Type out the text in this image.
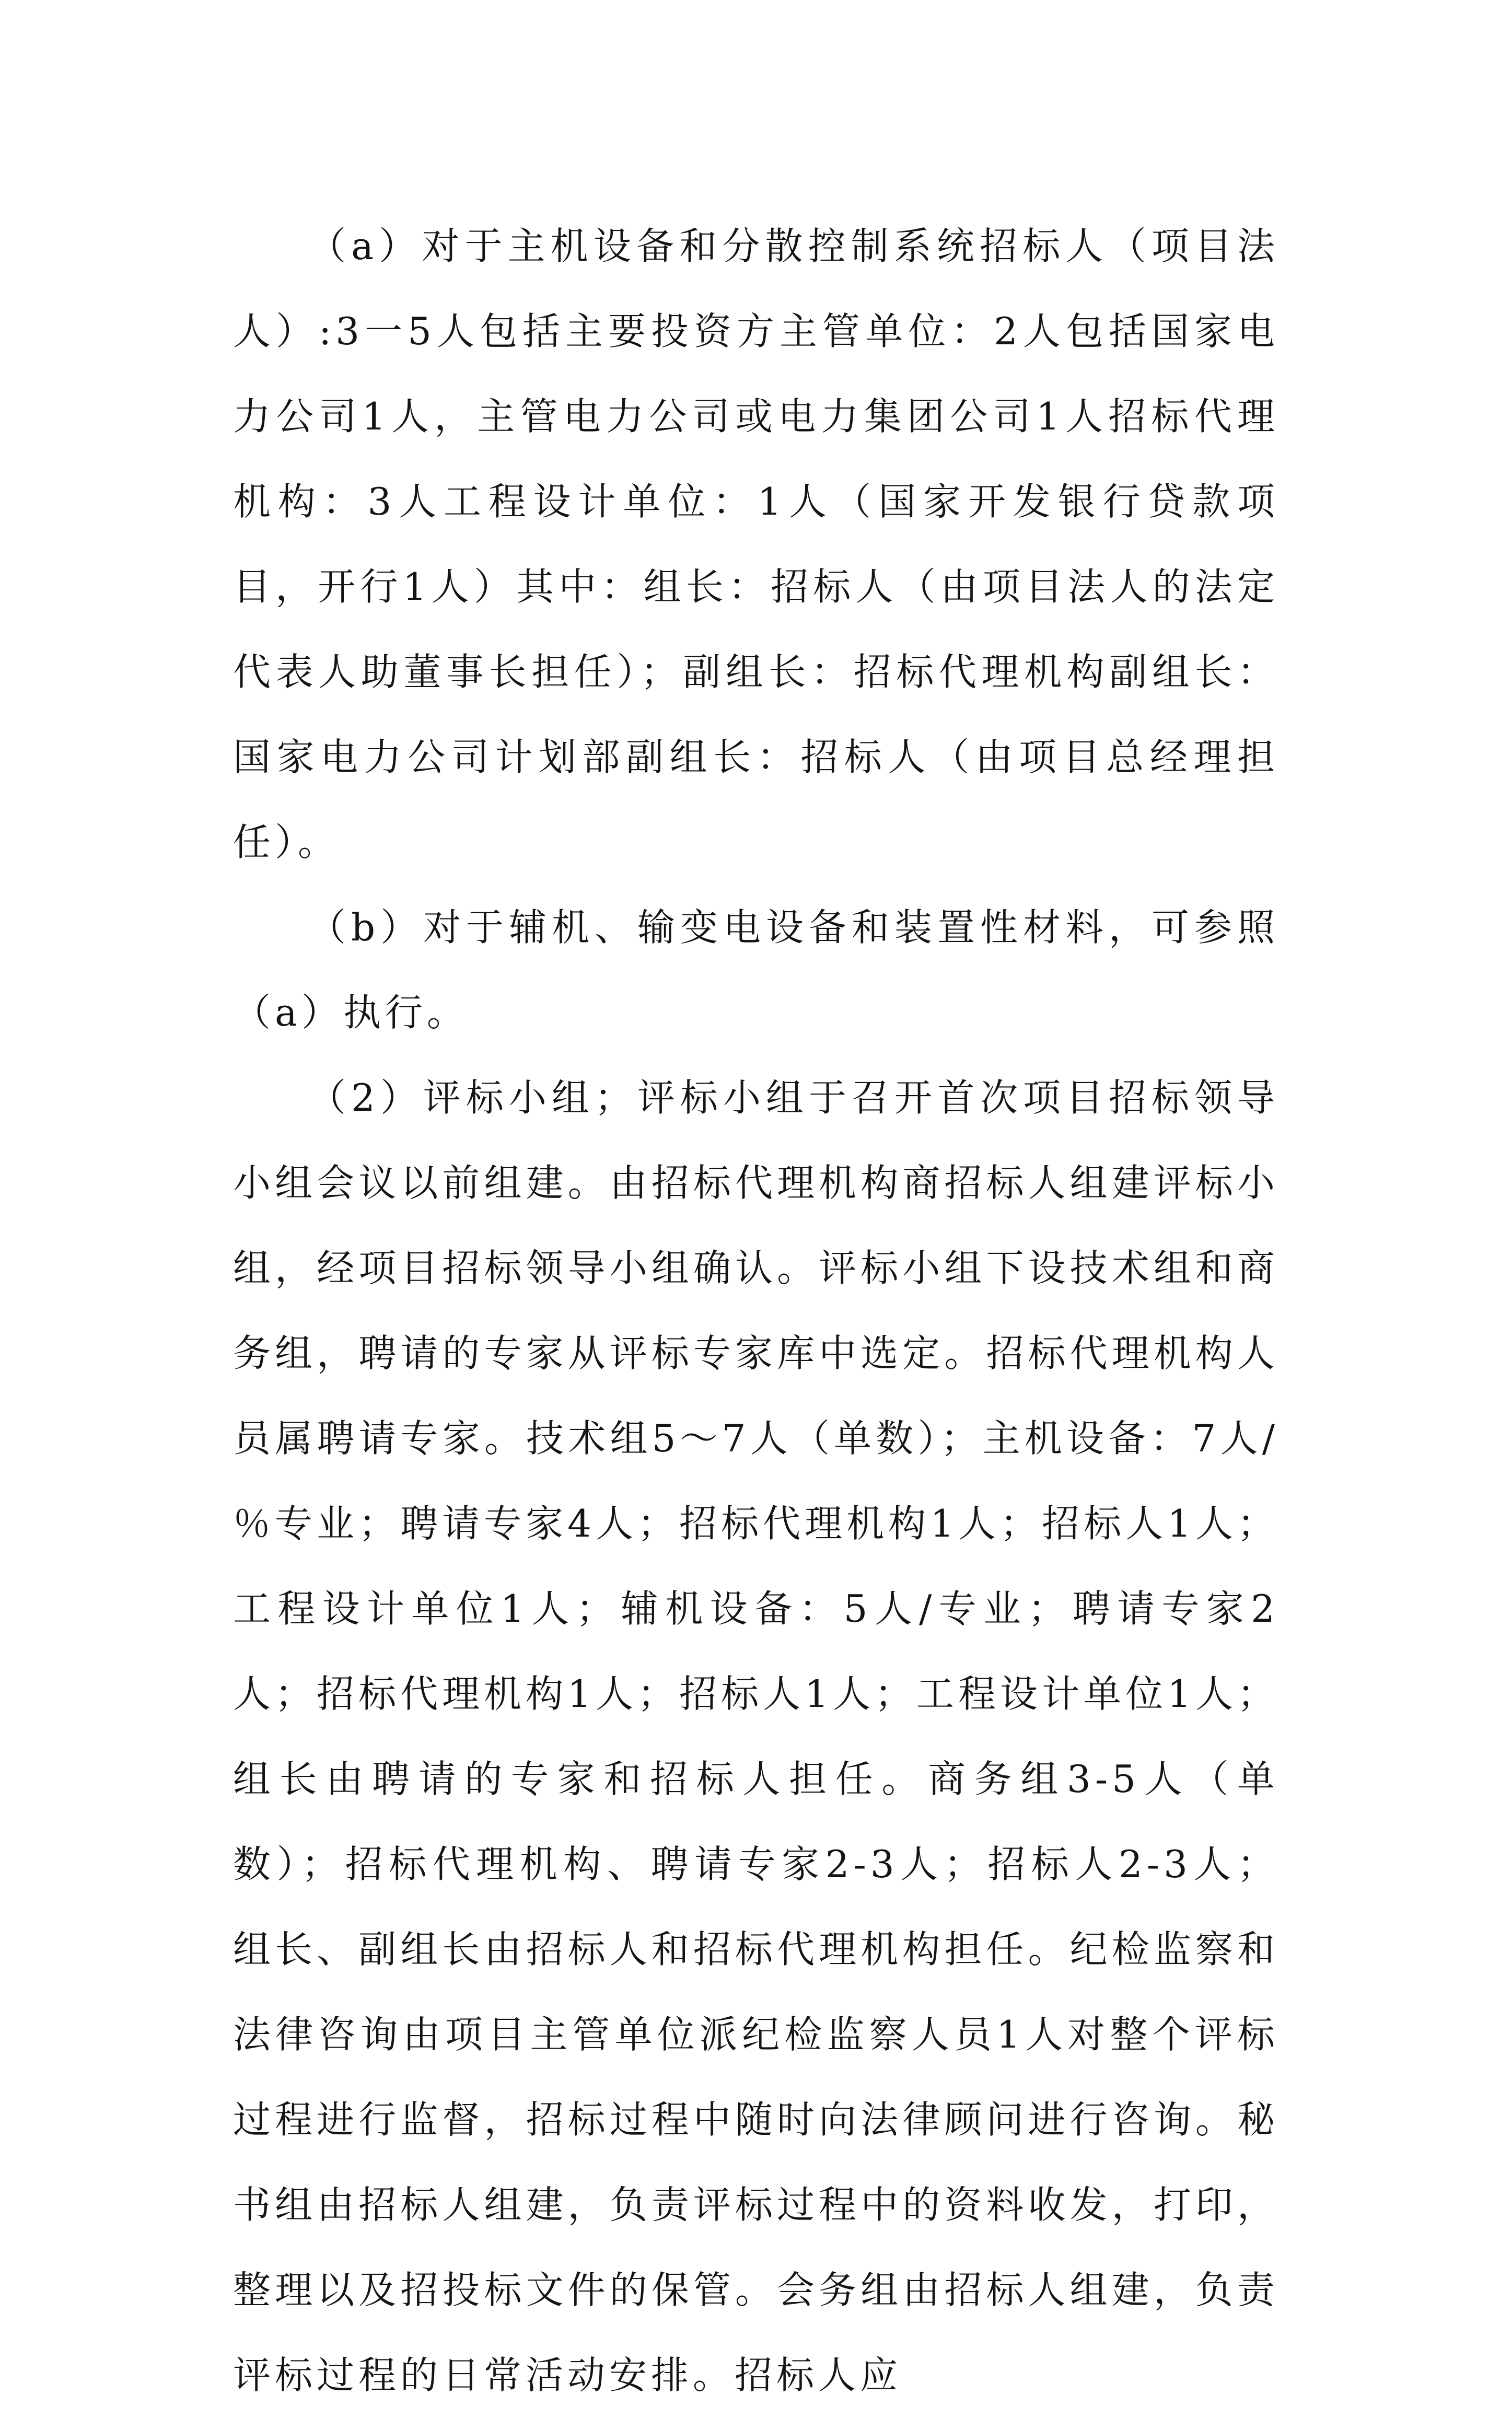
（a）对于主机设备和分散控制系统招标人（项目法人）:3一5人包括主要投资方主管单位：2人包括国家电力公司1人，主管电力公司或电力集团公司1人招标代理机构：3人工程设计单位：1人（国家开发银行贷款项目，开行1人）其中：组长：招标人（由项目法人的法定代表人助董事长担任）；副组长：招标代理机构副组长：国家电力公司计划部副组长：招标人（由项目总经理担任）。

（b）对于辅机、输变电设备和装置性材料，可参照（a）执行。

（2）评标小组；评标小组于召开首次项目招标领导小组会议以前组建。由招标代理机构商招标人组建评标小组，经项目招标领导小组确认。评标小组下设技术组和商务组，聘请的专家从评标专家库中选定。招标代理机构人员属聘请专家。技术组5～7人（单数）；主机设备：7人/％专业；聘请专家4人；招标代理机构1人；招标人1人；工程设计单位1人；辅机设备：5人/专业；聘请专家2人；招标代理机构1人；招标人1人；工程设计单位1人；组长由聘请的专家和招标人担任。商务组3-5人（单数）；招标代理机构、聘请专家2-3人；招标人2-3人；组长、副组长由招标人和招标代理机构担任。纪检监察和法律咨询由项目主管单位派纪检监察人员1人对整个评标过程进行监督，招标过程中随时向法律顾问进行咨询。秘书组由招标人组建，负责评标过程中的资料收发，打印，整理以及招投标文件的保管。会务组由招标人组建，负责评标过程的日常活动安排。招标人应
